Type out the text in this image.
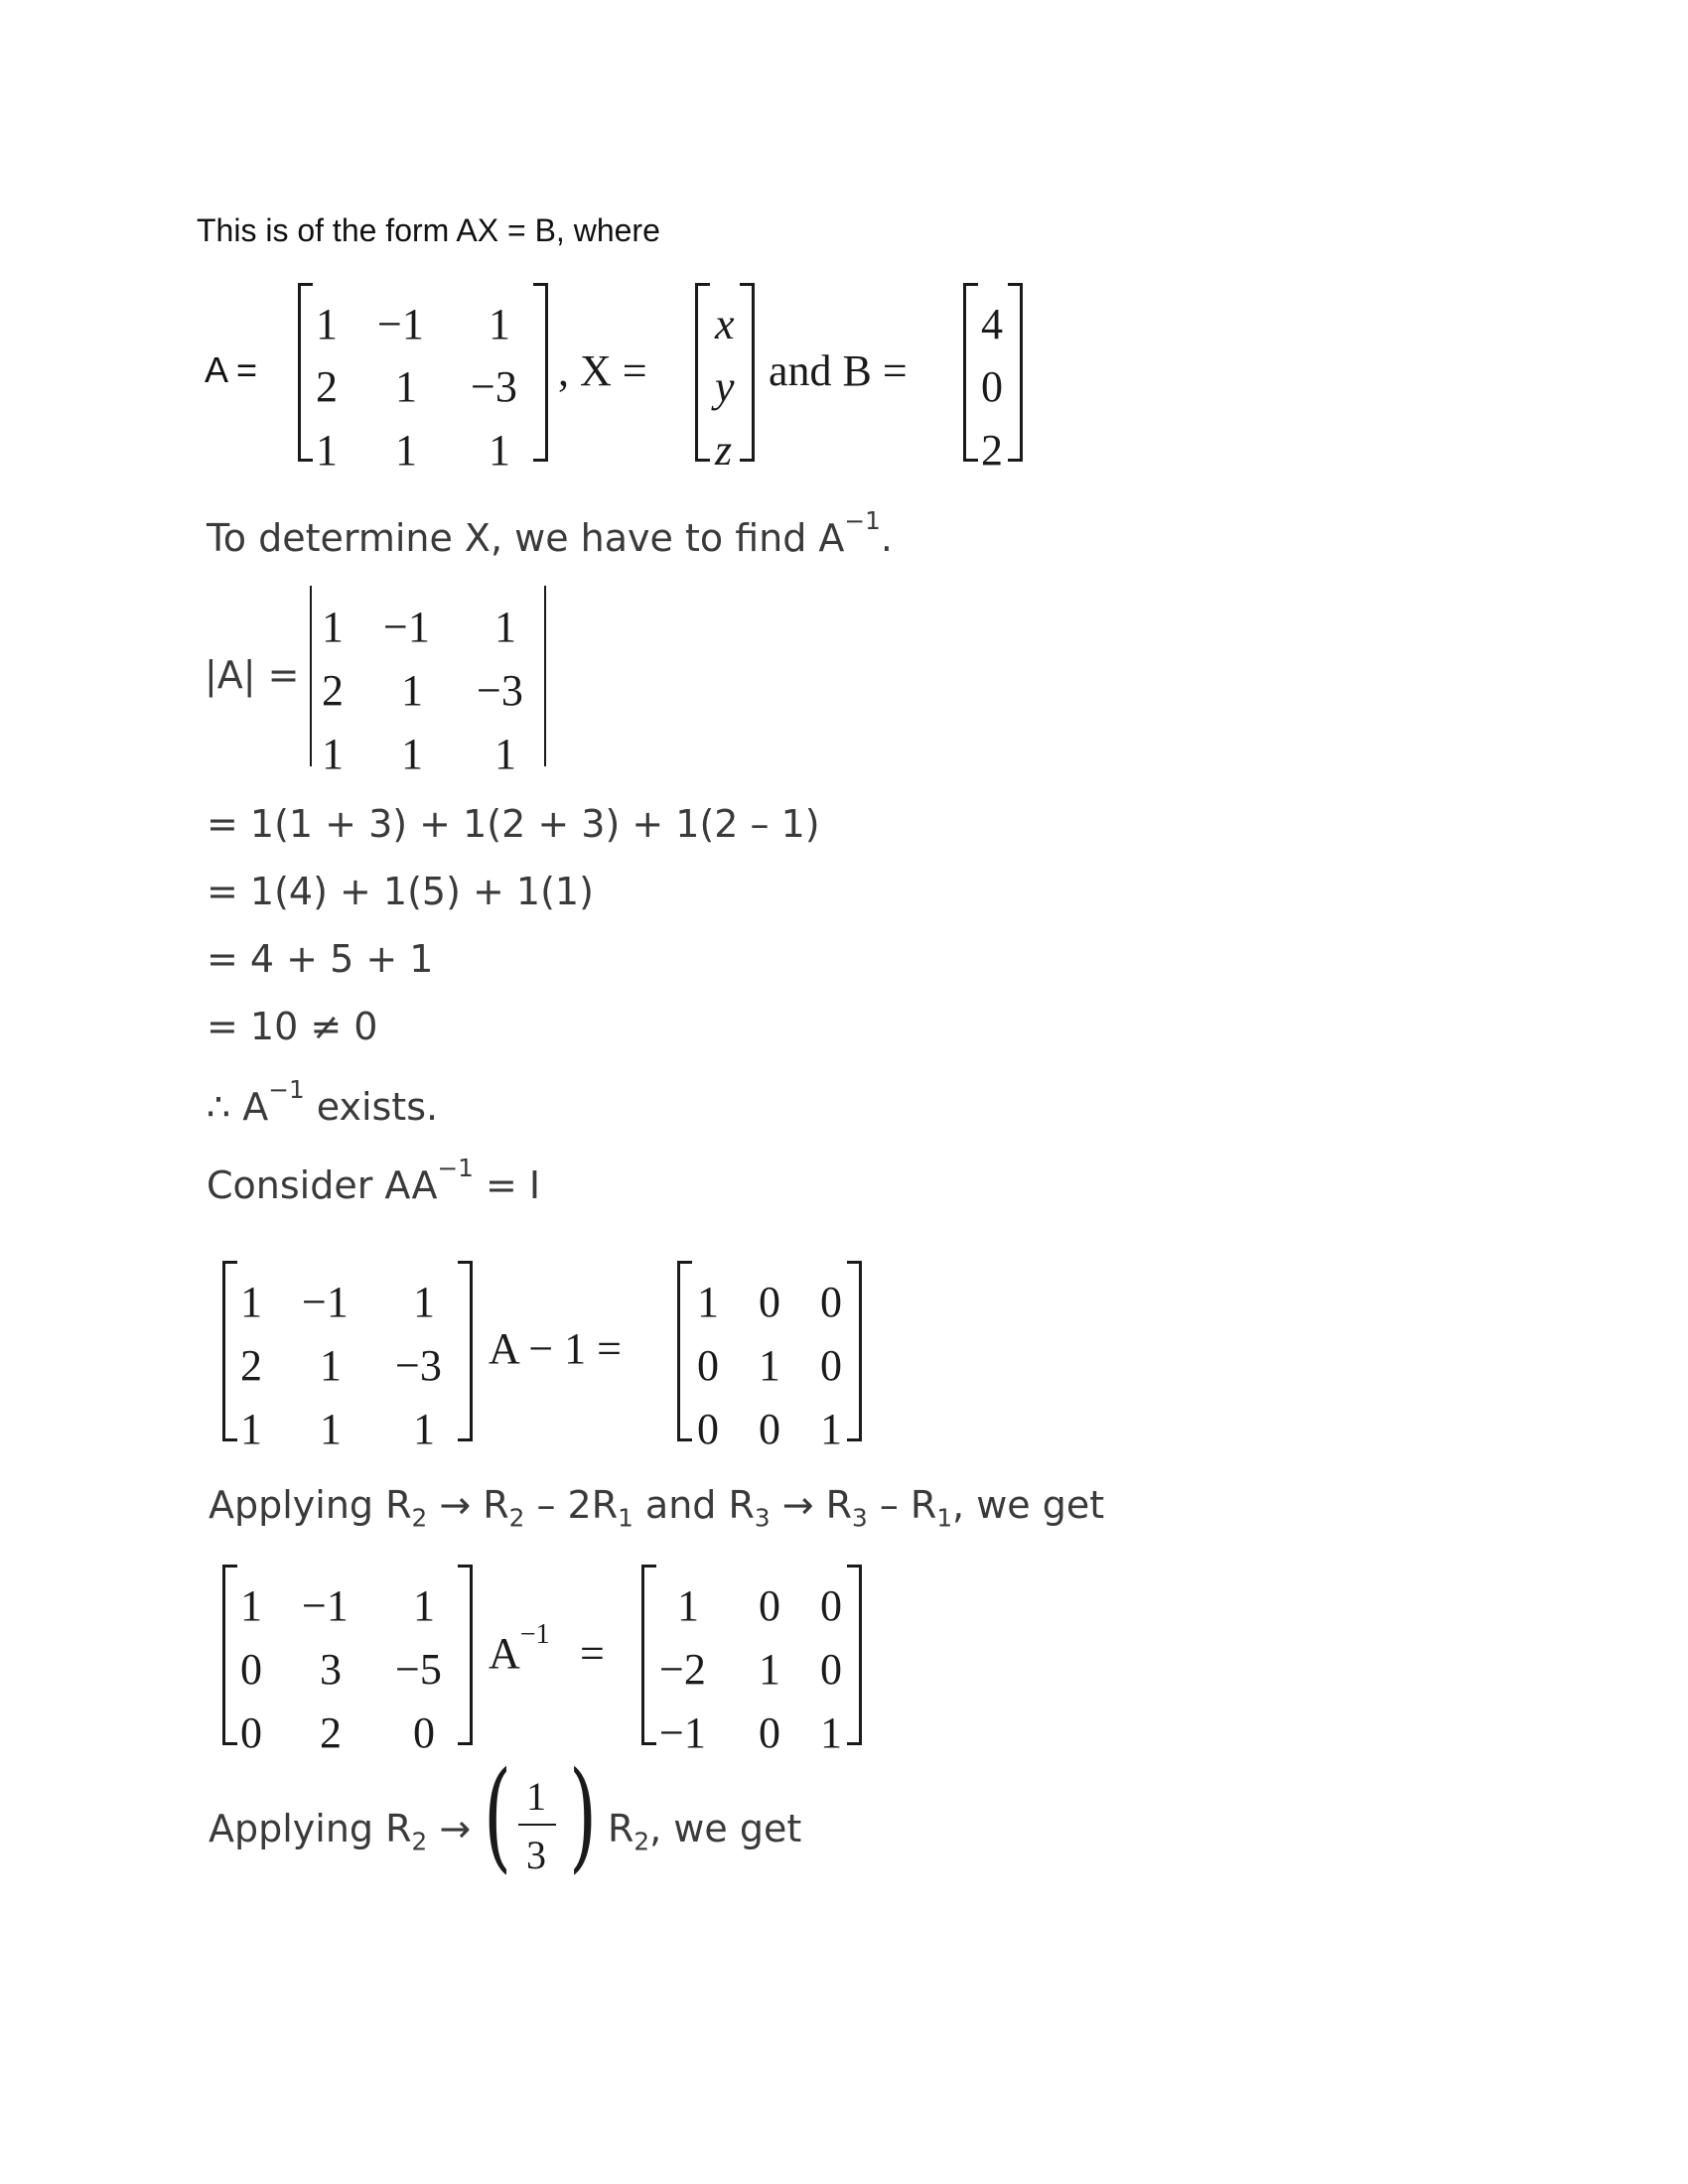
This is of the form AX = B, where
A =
1 −1 1
2 1 −3
1 1 1
, X =
x
y
z
and B =
4
0
2
To determine X, we have to find $A^{-1}$.
|A| =
1 −1 1
2 1 −3
1 1 1
= 1(1 + 3) + 1(2 + 3) + 1(2 – 1)
= 1(4) + 1(5) + 1(1)
= 4 + 5 + 1
= 10 ≠ 0
∴ $A^{-1}$ exists.
Consider $AA^{-1} = I$
1 −1 1
2 1 −3
1 1 1
A − 1 =
1 0 0
0 1 0
0 0 1
Applying $R_2 \to R_2 - 2R_1$ and $R_3 \to R_3 - R_1$, we get
1 −1 1
0 3 −5
0 2 0
$A^{-1}$ =
1 0 0
−2 1 0
−1 0 1
Applying $R_2$ → ( 1
3 ) $R_2$, we get
